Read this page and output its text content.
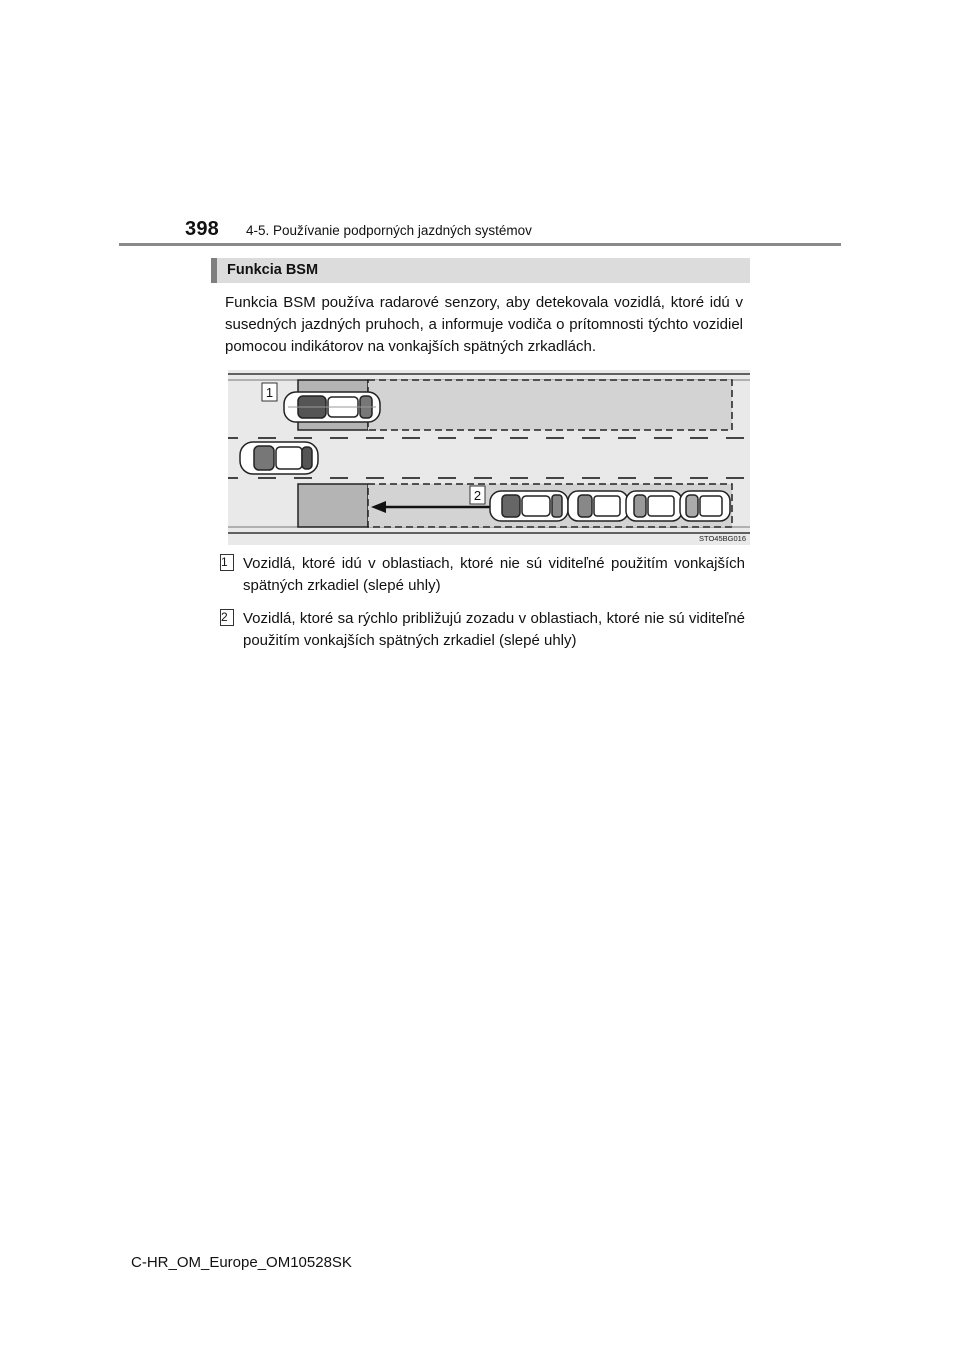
398 4-5. Používanie podporných jazdných systémov
Funkcia BSM
Funkcia BSM používa radarové senzory, aby detekovala vozidlá, ktoré idú v susedných jazdných pruhoch, a informuje vodiča o prítomnosti týchto vozidiel pomocou indikátorov na vonkajších spätných zrkadlách.
1
2
STO45BG016
1	Vozidlá, ktoré idú v oblastiach, ktoré nie sú viditeľné použitím vonkajších spätných zrkadiel (slepé uhly)
2	Vozidlá, ktoré sa rýchlo približujú zozadu v oblastiach, ktoré nie sú viditeľné použitím vonkajších spätných zrkadiel (slepé uhly)
C-HR_OM_Europe_OM10528SK
